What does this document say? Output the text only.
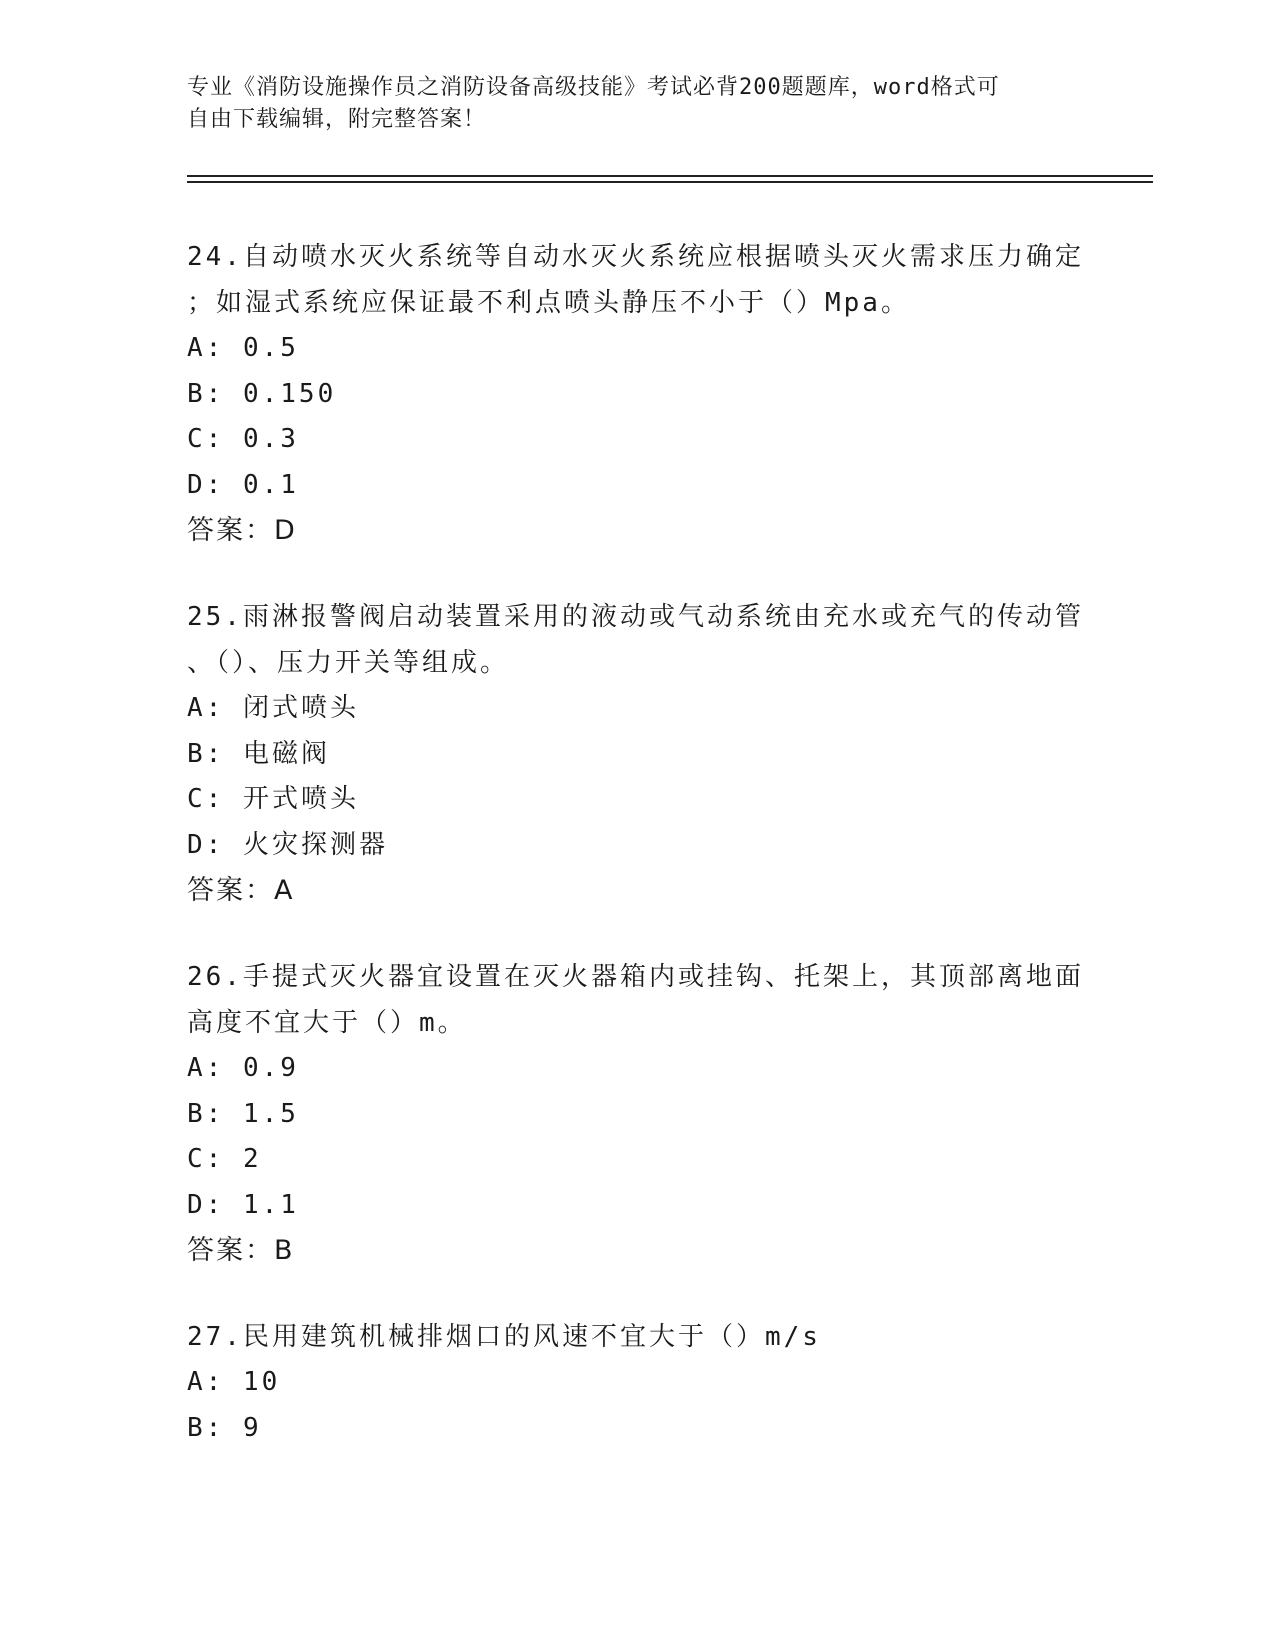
专业《消防设施操作员之消防设备高级技能》考试必背200题题库，word格式可
自由下载编辑，附完整答案！
24.自动喷水灭火系统等自动水灭火系统应根据喷头灭火需求压力确定
；如湿式系统应保证最不利点喷头静压不小于（）Mpa。
A: 0.5
B: 0.150
C: 0.3
D: 0.1
答案：D
25.雨淋报警阀启动装置采用的液动或气动系统由充水或充气的传动管
、（）、压力开关等组成。
A: 闭式喷头
B: 电磁阀
C: 开式喷头
D: 火灾探测器
答案：A
26.手提式灭火器宜设置在灭火器箱内或挂钩、托架上，其顶部离地面
高度不宜大于（）m。
A: 0.9
B: 1.5
C: 2
D: 1.1
答案：B
27.民用建筑机械排烟口的风速不宜大于（）m/s
A: 10
B: 9
